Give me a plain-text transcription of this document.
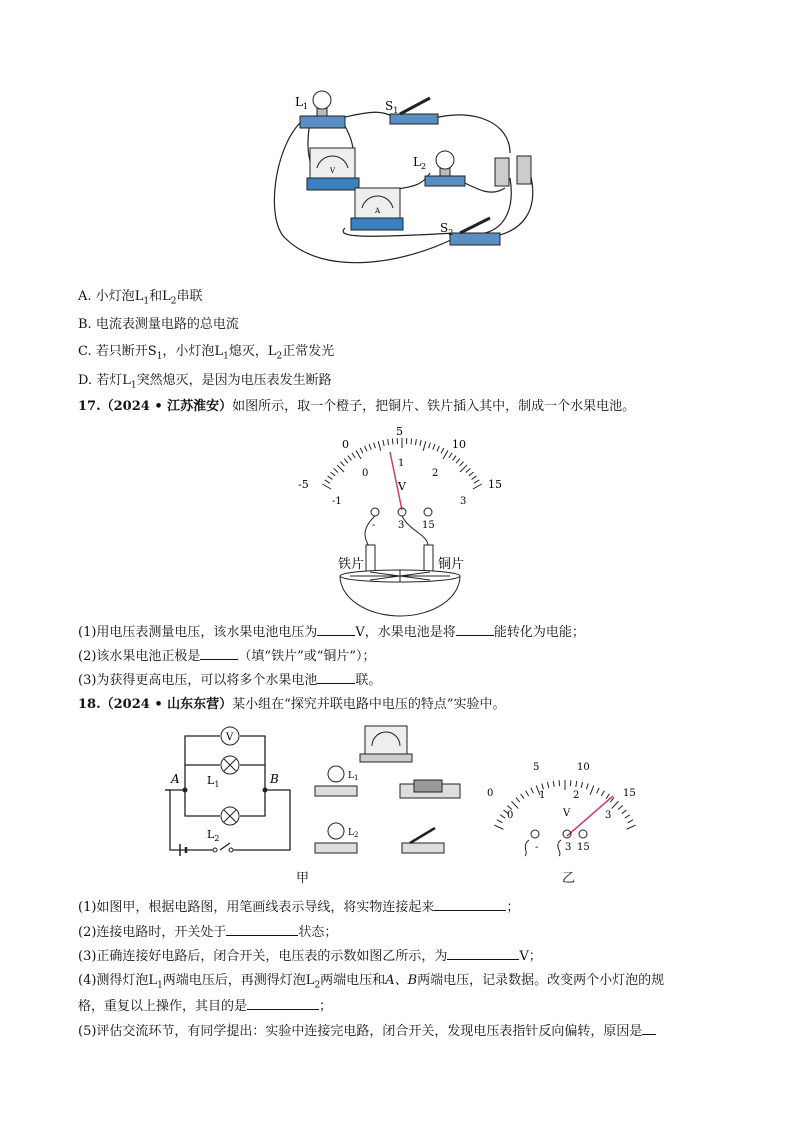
$L_1$	$S_1$
$L_2$
$S_2$
V
A
A. 小灯泡$L_1$和$L_2$串联
B. 电流表测量电路的总电流
C. 若只断开$S_1$，小灯泡$L_1$熄灭，$L_2$正常发光
D. 若灯$L_1$突然熄灭，是因为电压表发生断路
17.（2024 • 江苏淮安）如图所示，取一个橙子，把铜片、铁片插入其中，制成一个水果电池。
-5
0
5
10
15
-1
0
1
2
3
V
- 3 15
铁片	铜片
(1)用电压表测量电压，该水果电池电压为	V，水果电池是将	能转化为电能；
(2)该水果电池正极是	（填“铁片”或“铜片”）；
(3)为获得更高电压，可以将多个水果电池	联。
18.（2024 • 山东东营）某小组在“探究并联电路中电压的特点”实验中。
V
A	B
$L_1$
$L_2$
$L_1$
$L_2$
0
5	10
15
0
1	2
3
V
-	3 15
甲	乙
(1)如图甲，根据电路图，用笔画线表示导线，将实物连接起来	；
(2)连接电路时，开关处于	状态；
(3)正确连接好电路后，闭合开关，电压表的示数如图乙所示，为	V；
(4)测得灯泡$L_1$两端电压后，再测得灯泡$L_2$两端电压和A、B两端电压，记录数据。改变两个小灯泡的规
格，重复以上操作，其目的是	；
(5)评估交流环节，有同学提出：实验中连接完电路，闭合开关，发现电压表指针反向偏转，原因是
